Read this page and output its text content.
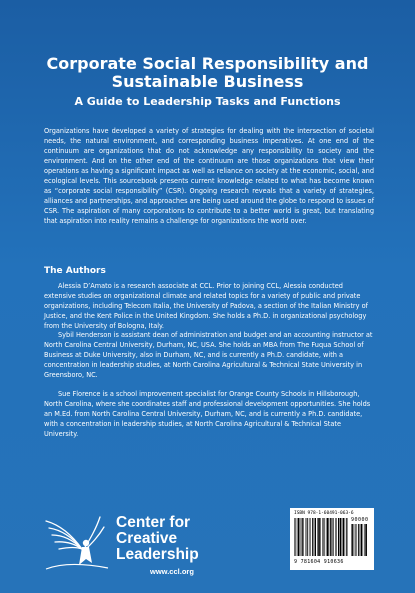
Corporate Social Responsibility and Sustainable Business
A Guide to Leadership Tasks and Functions

Organizations have developed a variety of strategies for dealing with the intersection of societal needs, the natural environment, and corresponding business imperatives. At one end of the continuum are organizations that do not acknowledge any responsibility to society and the environment. And on the other end of the continuum are those organizations that view their operations as having a significant impact as well as reliance on society at the economic, social, and ecological levels. This sourcebook presents current knowledge related to what has become known as “corporate social responsibility” (CSR). Ongoing research reveals that a variety of strategies, alliances and partnerships, and approaches are being used around the globe to respond to issues of CSR. The aspiration of many corporations to contribute to a better world is great, but translating that aspiration into reality remains a challenge for organizations the world over.

The Authors

Alessia D’Amato is a research associate at CCL. Prior to joining CCL, Alessia conducted extensive studies on organizational climate and related topics for a variety of public and private organizations, including Telecom Italia, the University of Padova, a section of the Italian Ministry of Justice, and the Kent Police in the United Kingdom. She holds a Ph.D. in organizational psychology from the University of Bologna, Italy.

Sybil Henderson is assistant dean of administration and budget and an accounting instructor at North Carolina Central University, Durham, NC, USA. She holds an MBA from The Fuqua School of Business at Duke University, also in Durham, NC, and is currently a Ph.D. candidate, with a concentration in leadership studies, at North Carolina Agricultural & Technical State University in Greensboro, NC.

Sue Florence is a school improvement specialist for Orange County Schools in Hillsborough, North Carolina, where she coordinates staff and professional development opportunities. She holds an M.Ed. from North Carolina Central University, Durham, NC, and is currently a Ph.D. candidate, with a concentration in leadership studies, at North Carolina Agricultural & Technical State University.

Center for
Creative
Leadership
www.ccl.org
ISBN 978-1-60491-063-6
90000
9 781604 910636
